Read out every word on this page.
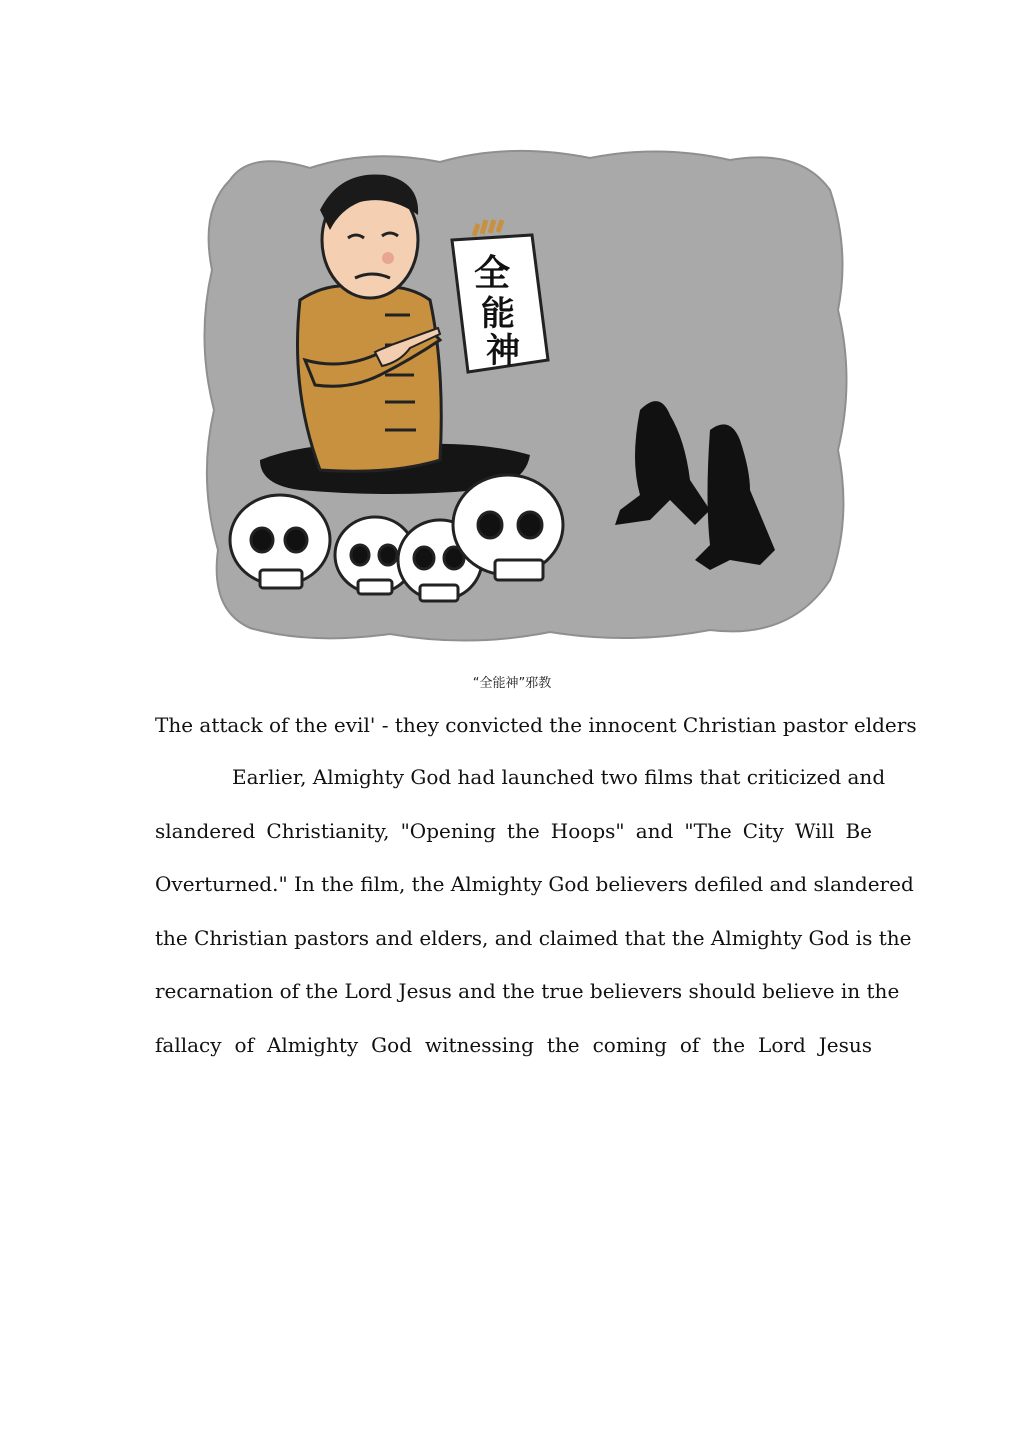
全
能
神
“全能神”邪教
The attack of the evil' - they convicted the innocent Christian pastor elders
Earlier, Almighty God had launched two films that criticized and
slandered Christianity, "Opening the Hoops" and "The City Will Be
Overturned." In the film, the Almighty God believers defiled and slandered
the Christian pastors and elders, and claimed that the Almighty God is the
recarnation of the Lord Jesus and the true believers should believe in the
fallacy of Almighty God witnessing the coming of the Lord Jesus
